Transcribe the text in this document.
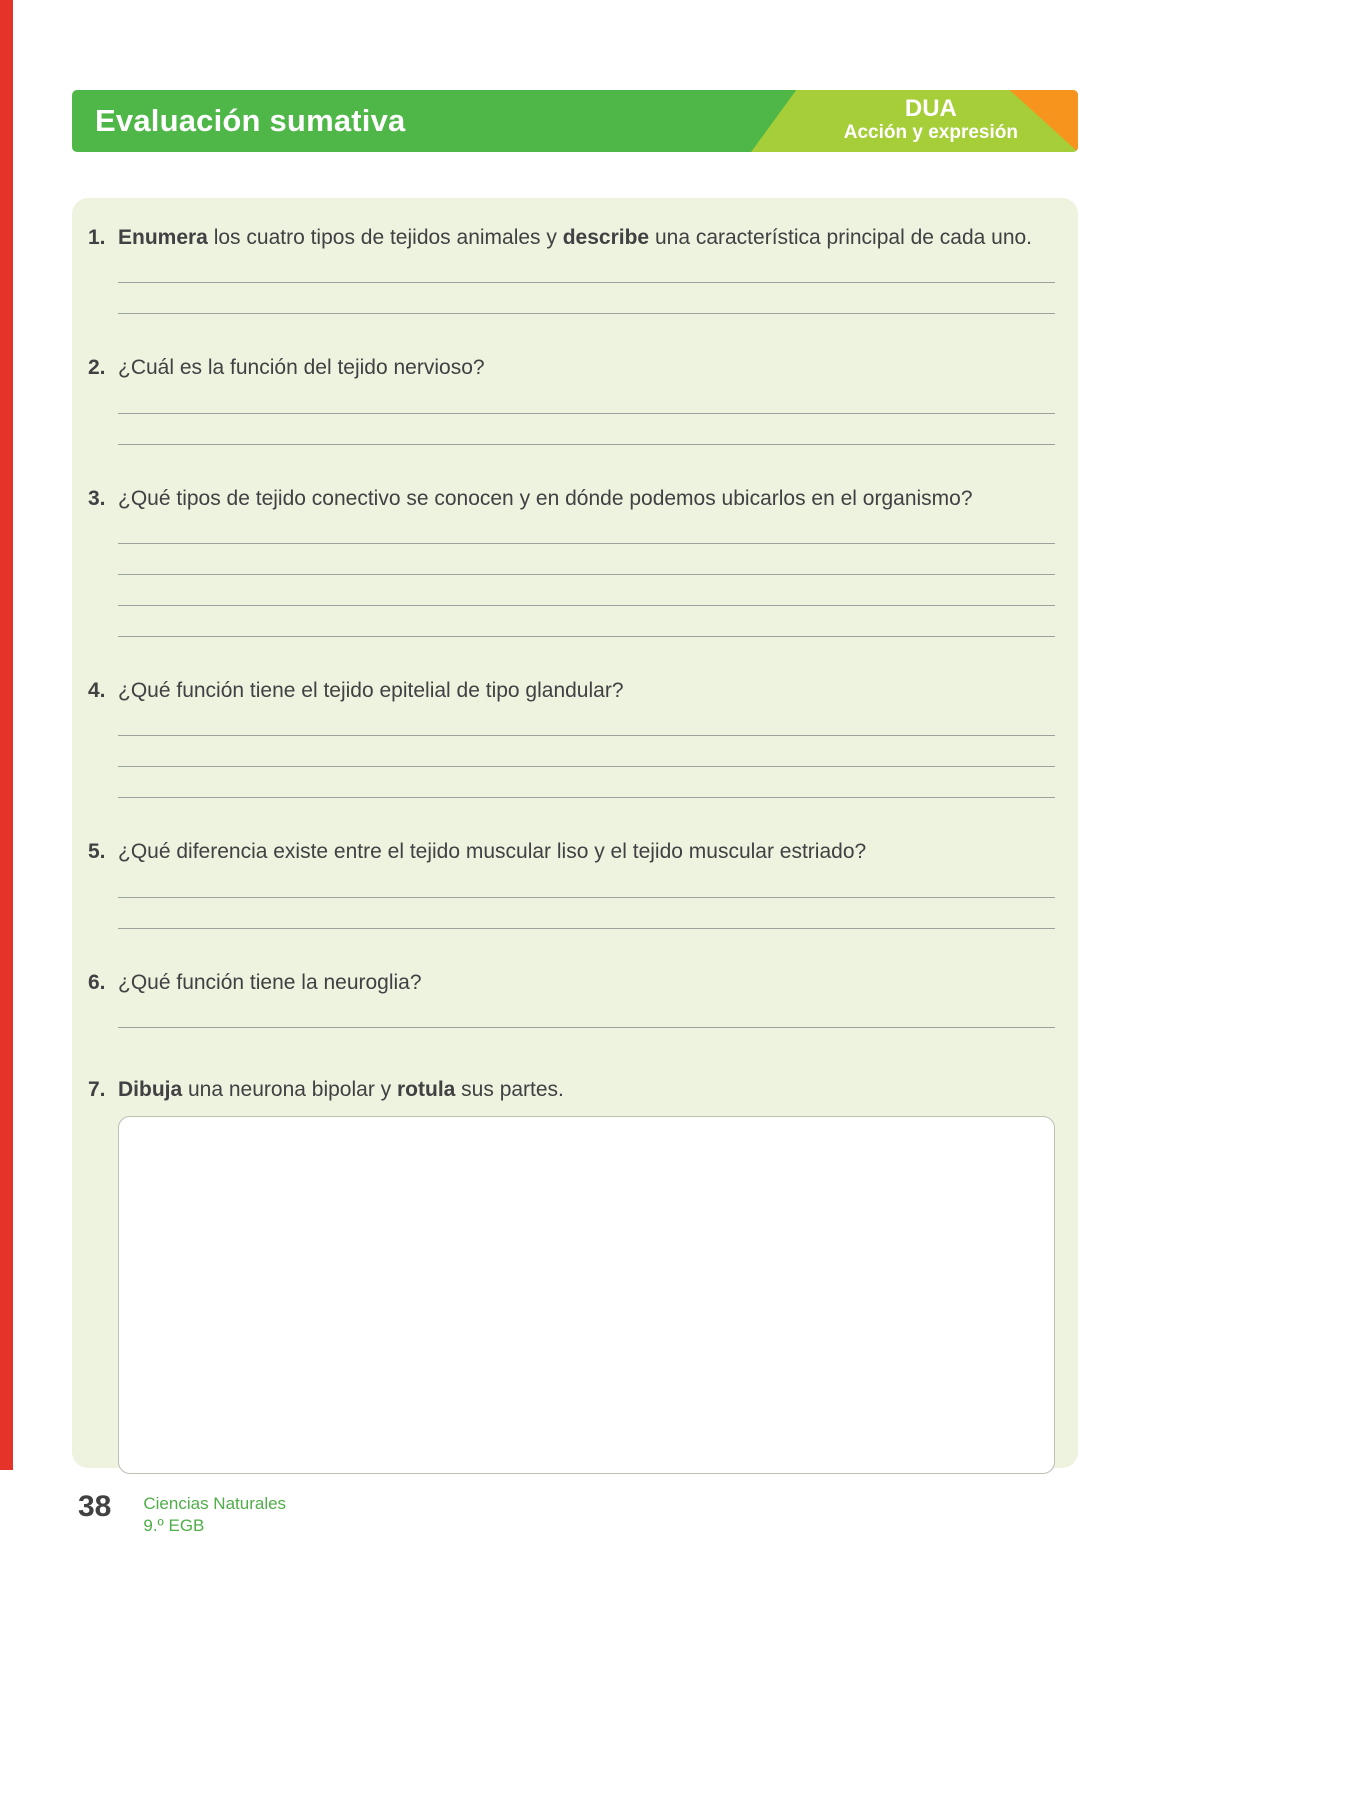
Evaluación sumativa	DUA
Acción y expresión
1. Enumera los cuatro tipos de tejidos animales y describe una característica principal de cada uno.
2. ¿Cuál es la función del tejido nervioso?
3. ¿Qué tipos de tejido conectivo se conocen y en dónde podemos ubicarlos en el organismo?
4. ¿Qué función tiene el tejido epitelial de tipo glandular?
5. ¿Qué diferencia existe entre el tejido muscular liso y el tejido muscular estriado?
6. ¿Qué función tiene la neuroglia?
7. Dibuja una neurona bipolar y rotula sus partes.
38 Ciencias Naturales
9.º EGB
